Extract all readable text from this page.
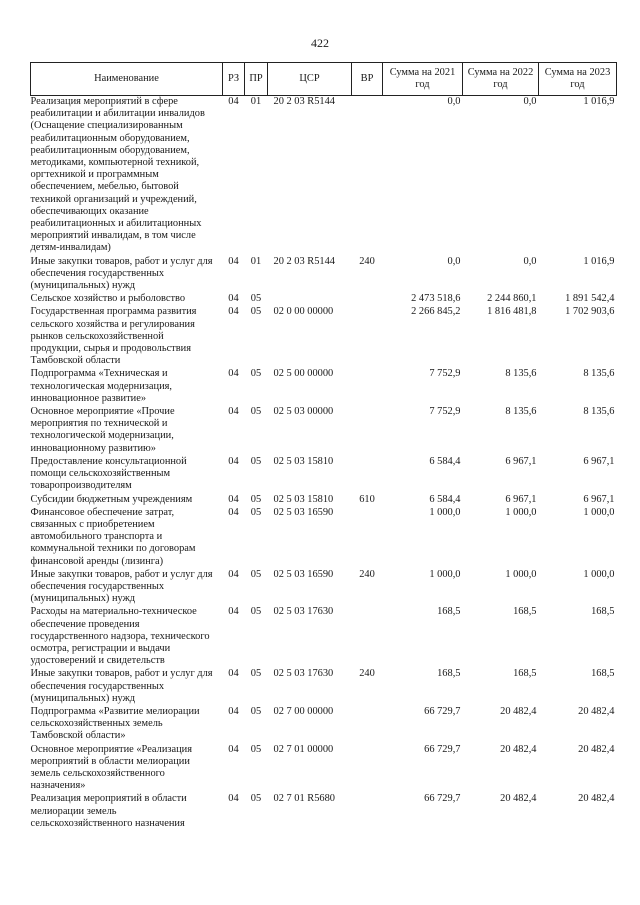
422
Наименование	РЗ	ПР	ЦСР	ВР	Сумма на 2021 год	Сумма на 2022 год	Сумма на 2023 год
Реализация мероприятий в сфере реабилитации и абилитации инвалидов (Оснащение специализированным реабилитационным оборудованием, реабилитационным оборудованием, методиками, компьютерной техникой, оргтехникой и программным обеспечением, мебелью, бытовой техникой организаций и учреждений, обеспечивающих оказание реабилитационных и абилитационных мероприятий инвалидам, в том числе детям-инвалидам)	04	01	20 2 03 R5144		0,0	0,0	1 016,9
Иные закупки товаров, работ и услуг для обеспечения государственных (муниципальных) нужд	04	01	20 2 03 R5144	240	0,0	0,0	1 016,9
Сельское хозяйство и рыболовство	04	05			2 473 518,6	2 244 860,1	1 891 542,4
Государственная программа развития сельского хозяйства и регулирования рынков сельскохозяйственной продукции, сырья и продовольствия Тамбовской области	04	05	02 0 00 00000		2 266 845,2	1 816 481,8	1 702 903,6
Подпрограмма «Техническая и технологическая модернизация, инновационное развитие»	04	05	02 5 00 00000		7 752,9	8 135,6	8 135,6
Основное мероприятие «Прочие мероприятия по технической и технологической модернизации, инновационному развитию»	04	05	02 5 03 00000		7 752,9	8 135,6	8 135,6
Предоставление консультационной помощи сельскохозяйственным товаропроизводителям	04	05	02 5 03 15810		6 584,4	6 967,1	6 967,1
Субсидии бюджетным учреждениям	04	05	02 5 03 15810	610	6 584,4	6 967,1	6 967,1
Финансовое обеспечение затрат, связанных с приобретением автомобильного транспорта и коммунальной техники по договорам финансовой аренды (лизинга)	04	05	02 5 03 16590		1 000,0	1 000,0	1 000,0
Иные закупки товаров, работ и услуг для обеспечения государственных (муниципальных) нужд	04	05	02 5 03 16590	240	1 000,0	1 000,0	1 000,0
Расходы на материально-техническое обеспечение проведения государственного надзора, технического осмотра, регистрации и выдачи удостоверений и свидетельств	04	05	02 5 03 17630		168,5	168,5	168,5
Иные закупки товаров, работ и услуг для обеспечения государственных (муниципальных) нужд	04	05	02 5 03 17630	240	168,5	168,5	168,5
Подпрограмма «Развитие мелиорации сельскохозяйственных земель Тамбовской области»	04	05	02 7 00 00000		66 729,7	20 482,4	20 482,4
Основное мероприятие «Реализация мероприятий в области мелиорации земель сельскохозяйственного назначения»	04	05	02 7 01 00000		66 729,7	20 482,4	20 482,4
Реализация мероприятий в области мелиорации земель сельскохозяйственного назначения	04	05	02 7 01 R5680		66 729,7	20 482,4	20 482,4
